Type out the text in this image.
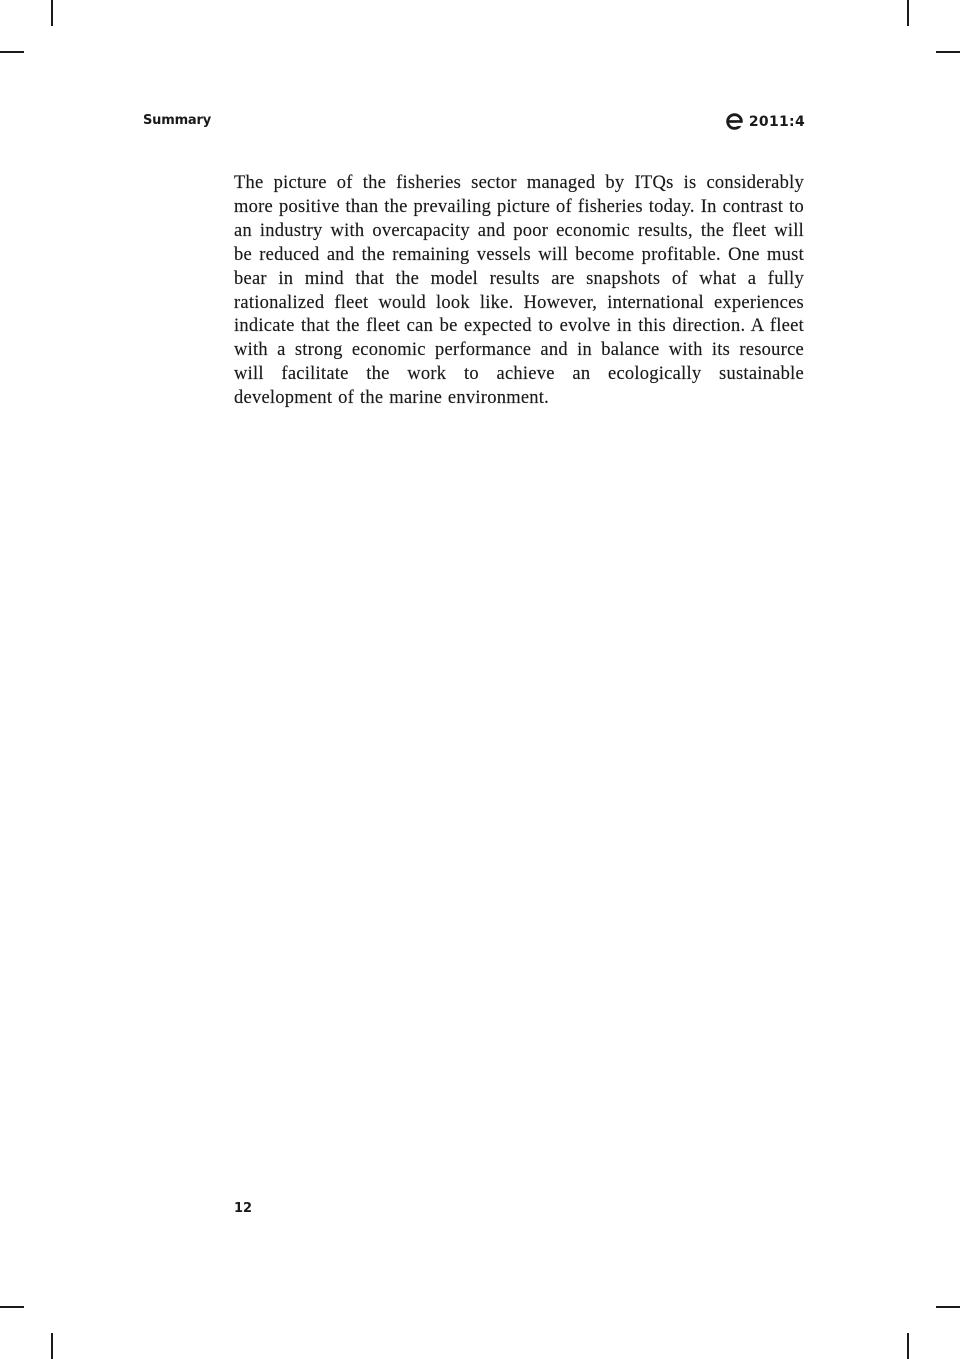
Summary	2011:4

The picture of the fisheries sector managed by ITQs is considerably more positive than the prevailing picture of fisheries today. In contrast to an industry with overcapacity and poor economic results, the fleet will be reduced and the remaining vessels will become profitable. One must bear in mind that the model results are snapshots of what a fully rationalized fleet would look like. However, international experiences indicate that the fleet can be expected to evolve in this direction. A fleet with a strong economic performance and in balance with its resource will facilitate the work to achieve an ecologically sustainable development of the marine environment.

12
